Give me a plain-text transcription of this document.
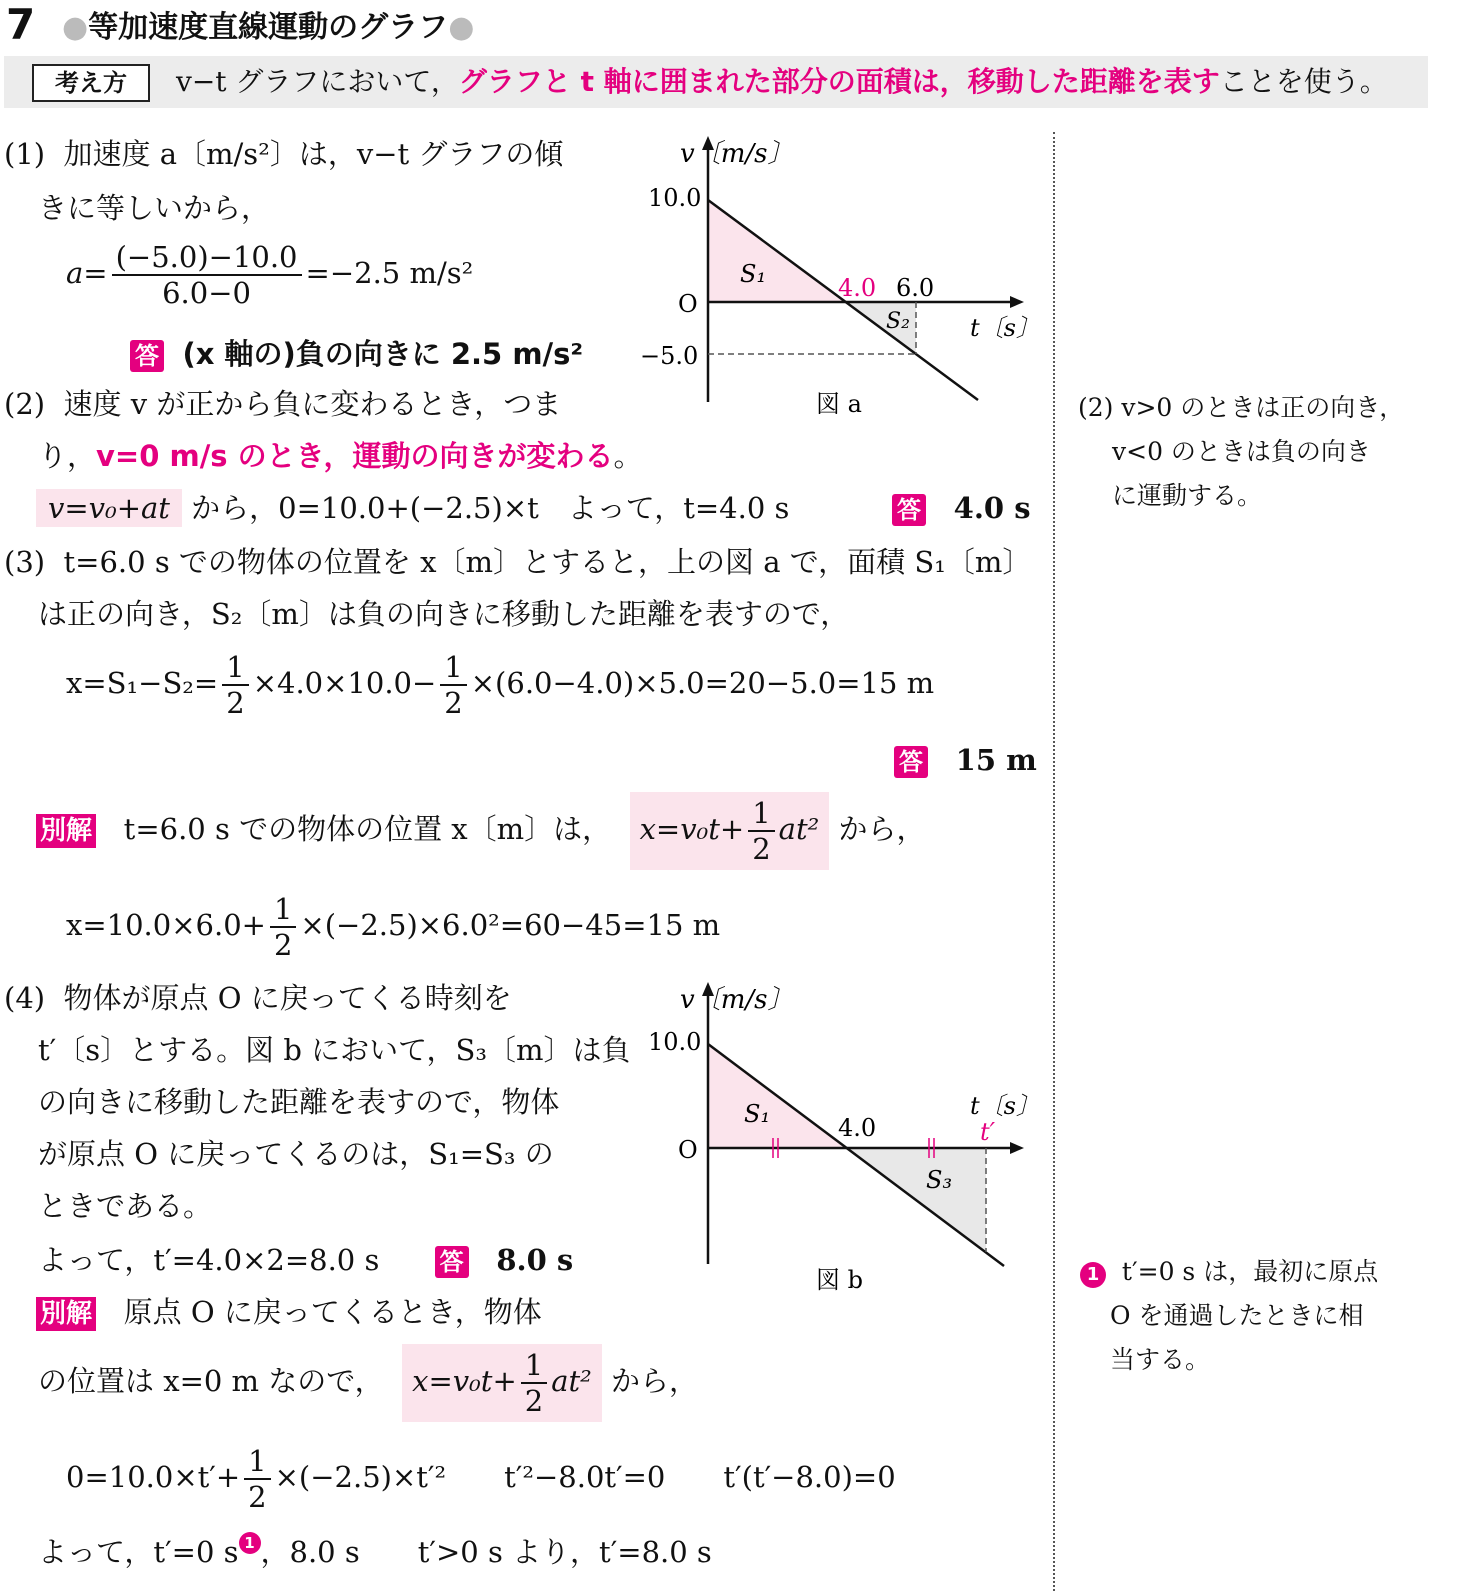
7 ●等加速度直線運動のグラフ●
考え方	v−t グラフにおいて，グラフと t 軸に囲まれた部分の面積は，移動した距離を表すことを使う。
(1) 加速度 a〔m/s²〕は，v−t グラフの傾
きに等しいから，
$a= \frac{(-5.0)-10.0}{6.0-0} =-2.5$ m/s²
答 (x 軸の)負の向きに 2.5 m/s²
v〔m/s〕
10.0
O
−5.0
4.0 6.0
t〔s〕
S₁
S₂
図 a
(2) 速度 v が正から負に変わるとき，つま
り，v=0 m/s のとき，運動の向きが変わる。
v=v₀+at から，0=10.0+(−2.5)×t　よって，t=4.0 s	答 4.0 s
(3) t=6.0 s での物体の位置を x〔m〕とすると，上の図 a で，面積 S₁〔m〕
は正の向き，S₂〔m〕は負の向きに移動した距離を表すので，
$x=S_1-S_2= \frac{1}{2} \times 4.0\times 10.0- \frac{1}{2} \times(6.0-4.0)\times 5.0=20-5.0=15$ m
答 15 m
別解 t=6.0 s での物体の位置 x〔m〕は， $x=v_0t+ \frac{1}{2} at^2$ から，
$x=10.0\times 6.0+ \frac{1}{2} \times(-2.5)\times 6.0^2=60-45=15$ m
(4) 物体が原点 O に戻ってくる時刻を
t′〔s〕とする。図 b において，S₃〔m〕は負
の向きに移動した距離を表すので，物体
が原点 O に戻ってくるのは，S₁=S₃ の
ときである。
よって，t′=4.0×2=8.0 s	答 8.0 s
別解 原点 O に戻ってくるとき，物体
の位置は x=0 m なので， $x=v_0t+ \frac{1}{2} at^2$ から，
$0=10.0\times t'+ \frac{1}{2} \times(-2.5)\times t'^2$　　t′²−8.0t′=0　　t′(t′−8.0)=0
よって，t′=0 s 1 ，8.0 s　　t′>0 s より，t′=8.0 s
v〔m/s〕
10.0
O
4.0
t〔s〕
t′
S₁
S₃
図 b
(2) v>0 のときは正の向き，
v<0 のときは負の向き
に運動する。
1 t′=0 s は，最初に原点
O を通過したときに相
当する。
